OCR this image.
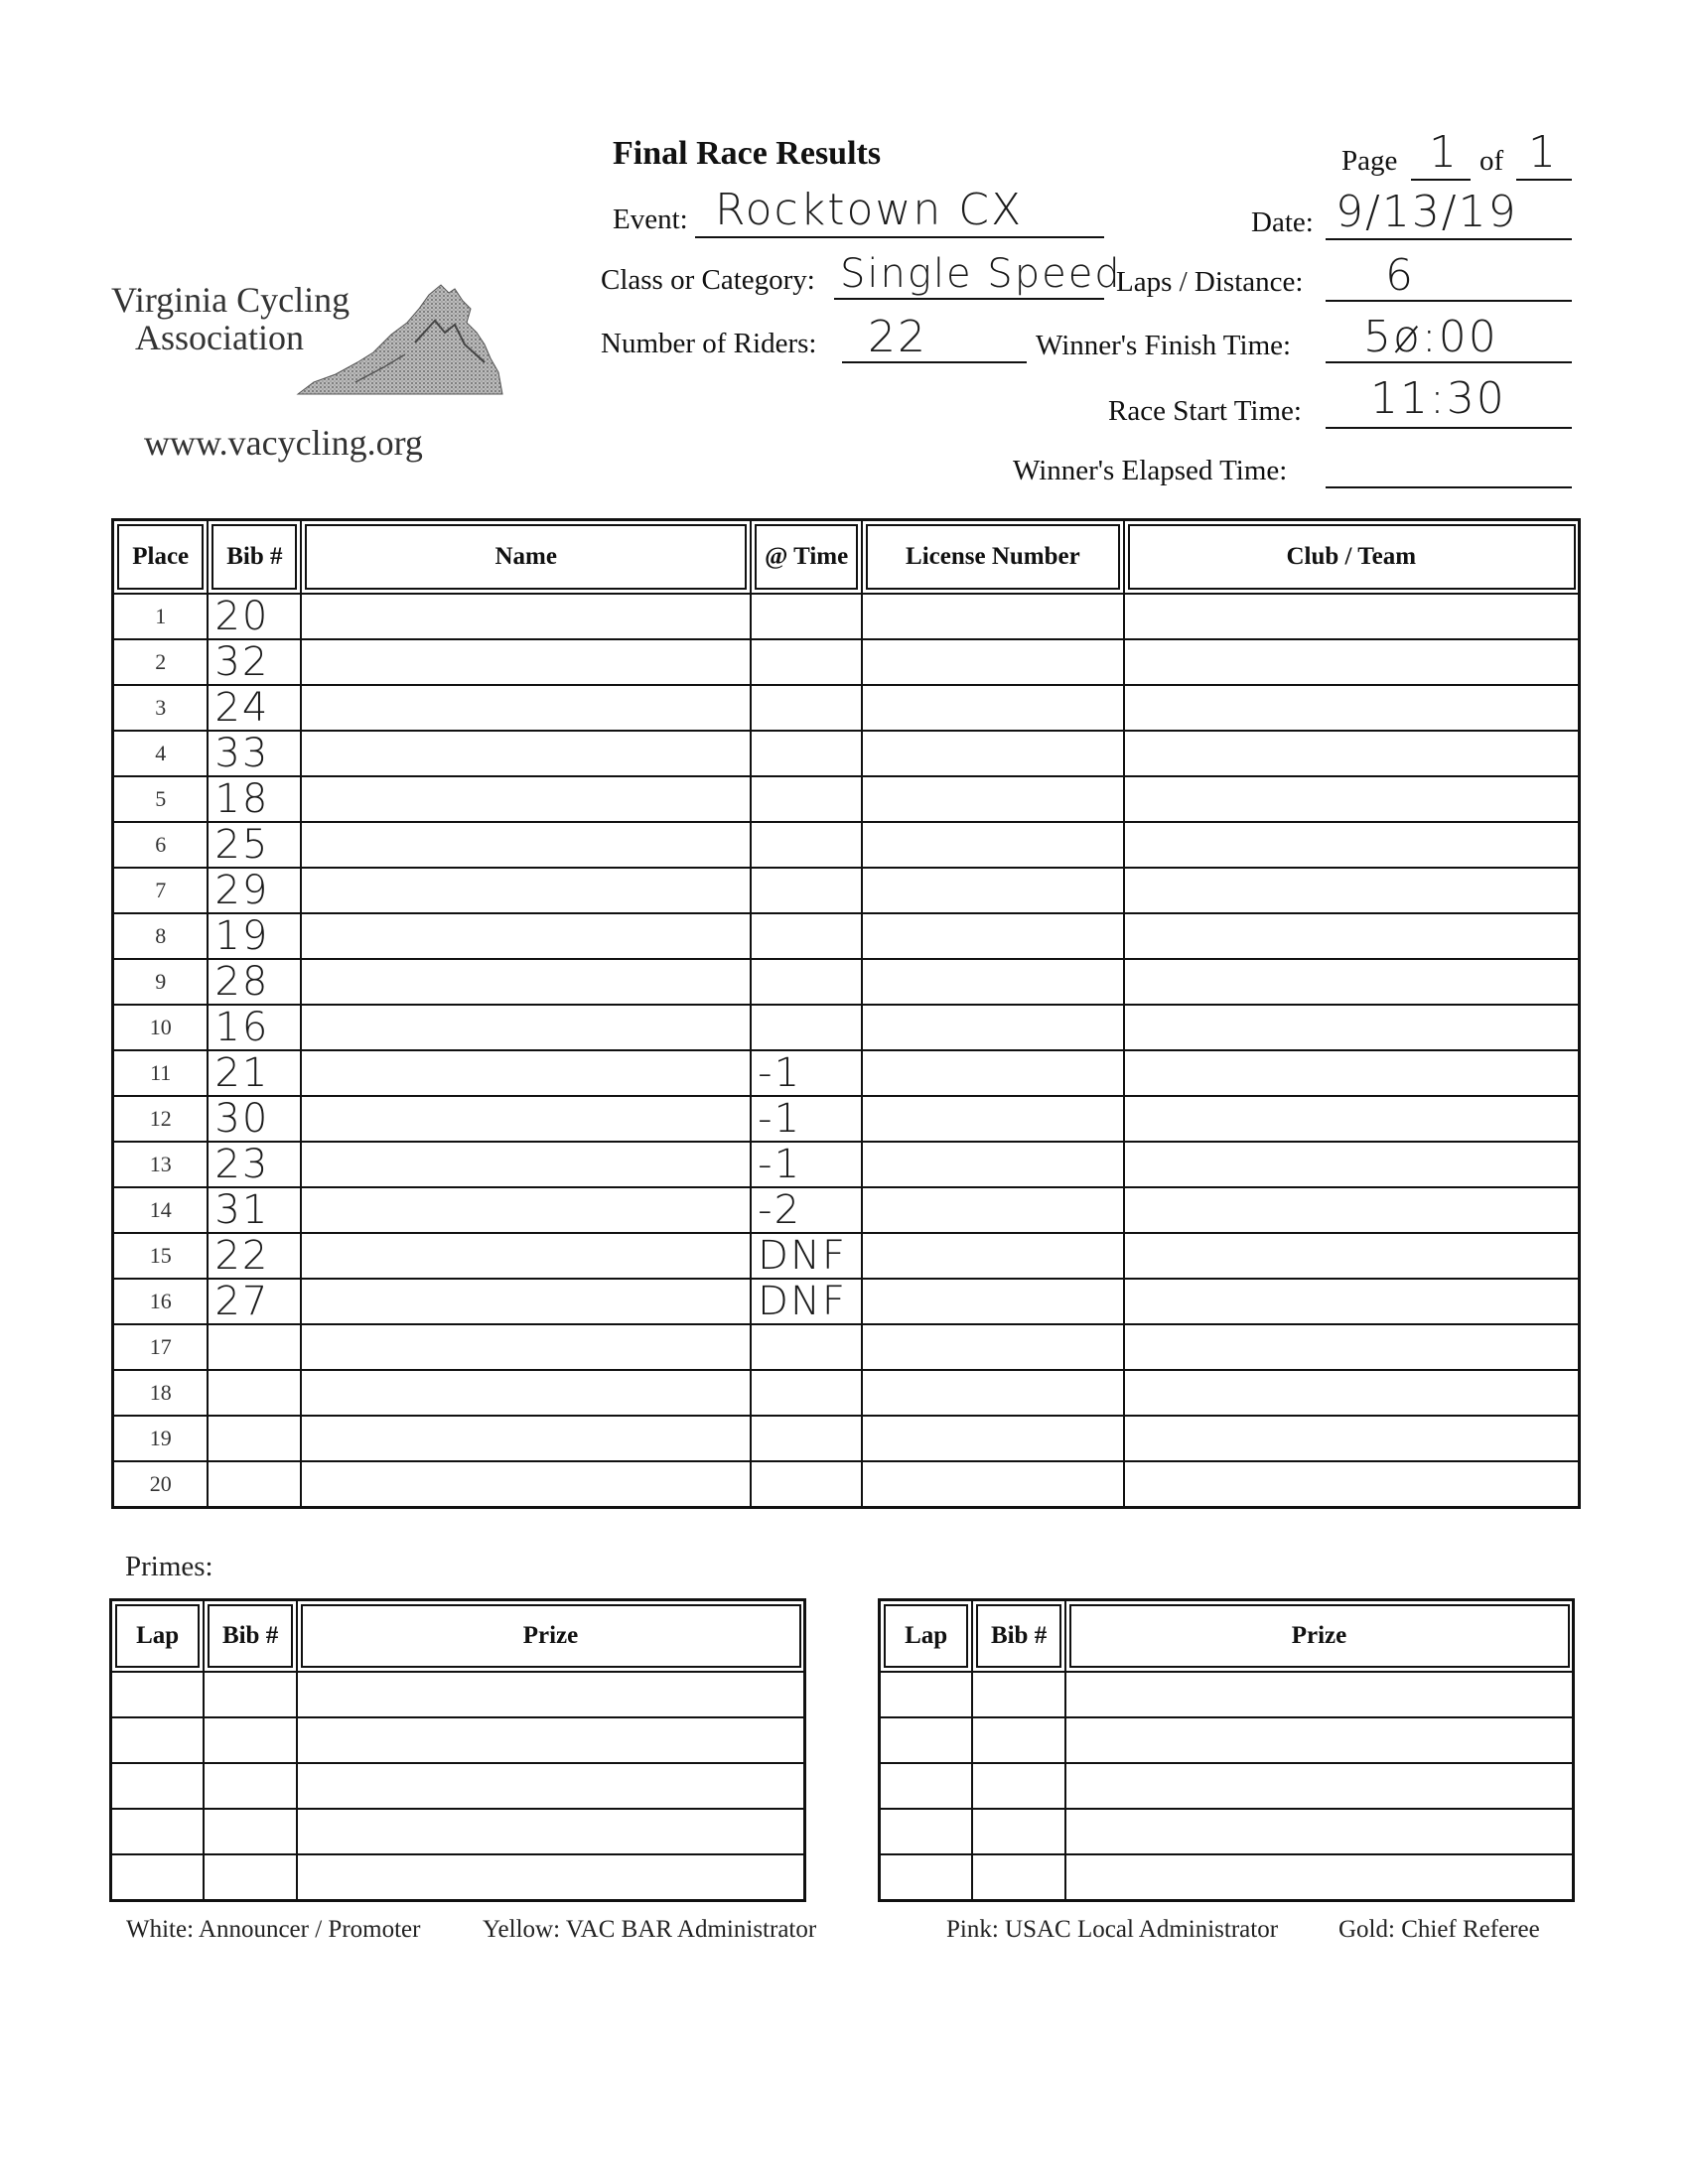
Final Race Results	Page 1 of 1
Event: Rocktown CX	Date: 9/13/19
Class or Category: Single Speed
Laps / Distance: 6
Number of Riders: 22	Winner's Finish Time: 5ø:00
Race Start Time: 11:30
Winner's Elapsed Time:
Virginia Cycling
Association
www.vacycling.org
Place	Bib #	Name	@ Time	License Number	Club / Team
1	20				
2	32				
3	24				
4	33				
5	18				
6	25				
7	29				
8	19				
9	28				
10	16				
11	21		-1		
12	30		-1		
13	23		-1		
14	31		-2		
15	22		DNF		
16	27		DNF		
17					
18					
19					
20					
Primes:
Lap	Bib #	Prize

			Lap	Bib #	Prize

White: Announcer / Promoter	Yellow: VAC BAR Administrator	Pink: USAC Local Administrator Gold: Chief Referee
